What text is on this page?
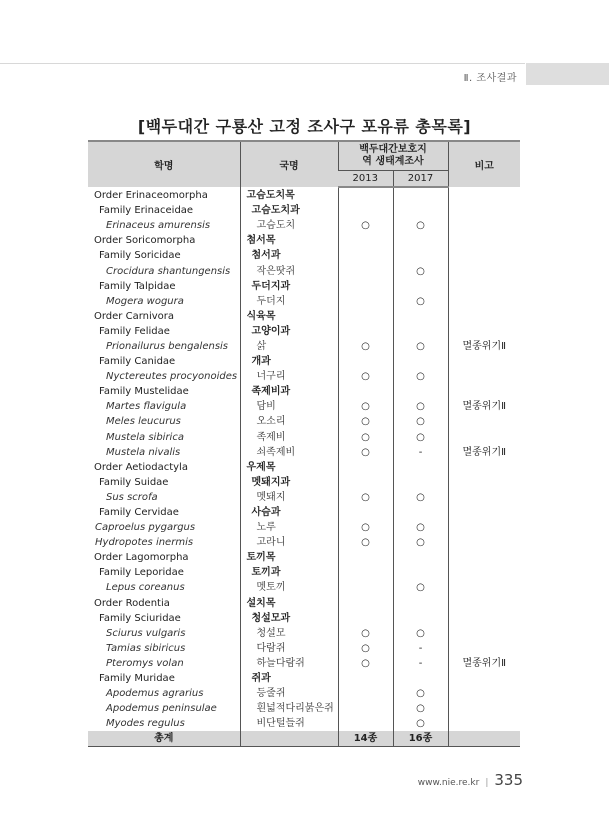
Ⅱ. 조사결과
[백두대간 구룡산 고정 조사구 포유류 총목록]
학명	국명	백두대간보호지역 생태계조사		비고
		2013	2017	
Order Erinaceomorpha	고슴도치목			
Family Erinaceidae	고슴도치과			
Erinaceus amurensis	고슴도치	○	○	
Order Soricomorpha	첨서목			
Family Soricidae	첨서과			
Crocidura shantungensis	작은땃쥐		○	
Family Talpidae	두더지과			
Mogera wogura	두더지		○	
Order Carnivora	식육목			
Family Felidae	고양이과			
Prionailurus bengalensis	삵	○	○	멸종위기Ⅱ
Family Canidae	개과			
Nyctereutes procyonoides	너구리	○	○	
Family Mustelidae	족제비과			
Martes flavigula	담비	○	○	멸종위기Ⅱ
Meles leucurus	오소리	○	○	
Mustela sibirica	족제비	○	○	
Mustela nivalis	쇠족제비	○	-	멸종위기Ⅱ
Order Aetiodactyla	우제목			
Family Suidae	멧돼지과			
Sus scrofa	멧돼지	○	○	
Family Cervidae	사슴과			
Caproelus pygargus	노루	○	○	
Hydropotes inermis	고라니	○	○	
Order Lagomorpha	토끼목			
Family Leporidae	토끼과			
Lepus coreanus	멧토끼		○	
Order Rodentia	설치목			
Family Sciuridae	청설모과			
Sciurus vulgaris	청설모	○	○	
Tamias sibiricus	다람쥐	○	-	
Pteromys volan	하늘다람쥐	○	-	멸종위기Ⅱ
Family Muridae	쥐과			
Apodemus agrarius	등줄쥐		○	
Apodemus peninsulae	흰넓적다리붉은쥐		○	
Myodes regulus	비단털들쥐		○	
총계		14종	16종	
www.nie.re.kr | 335
